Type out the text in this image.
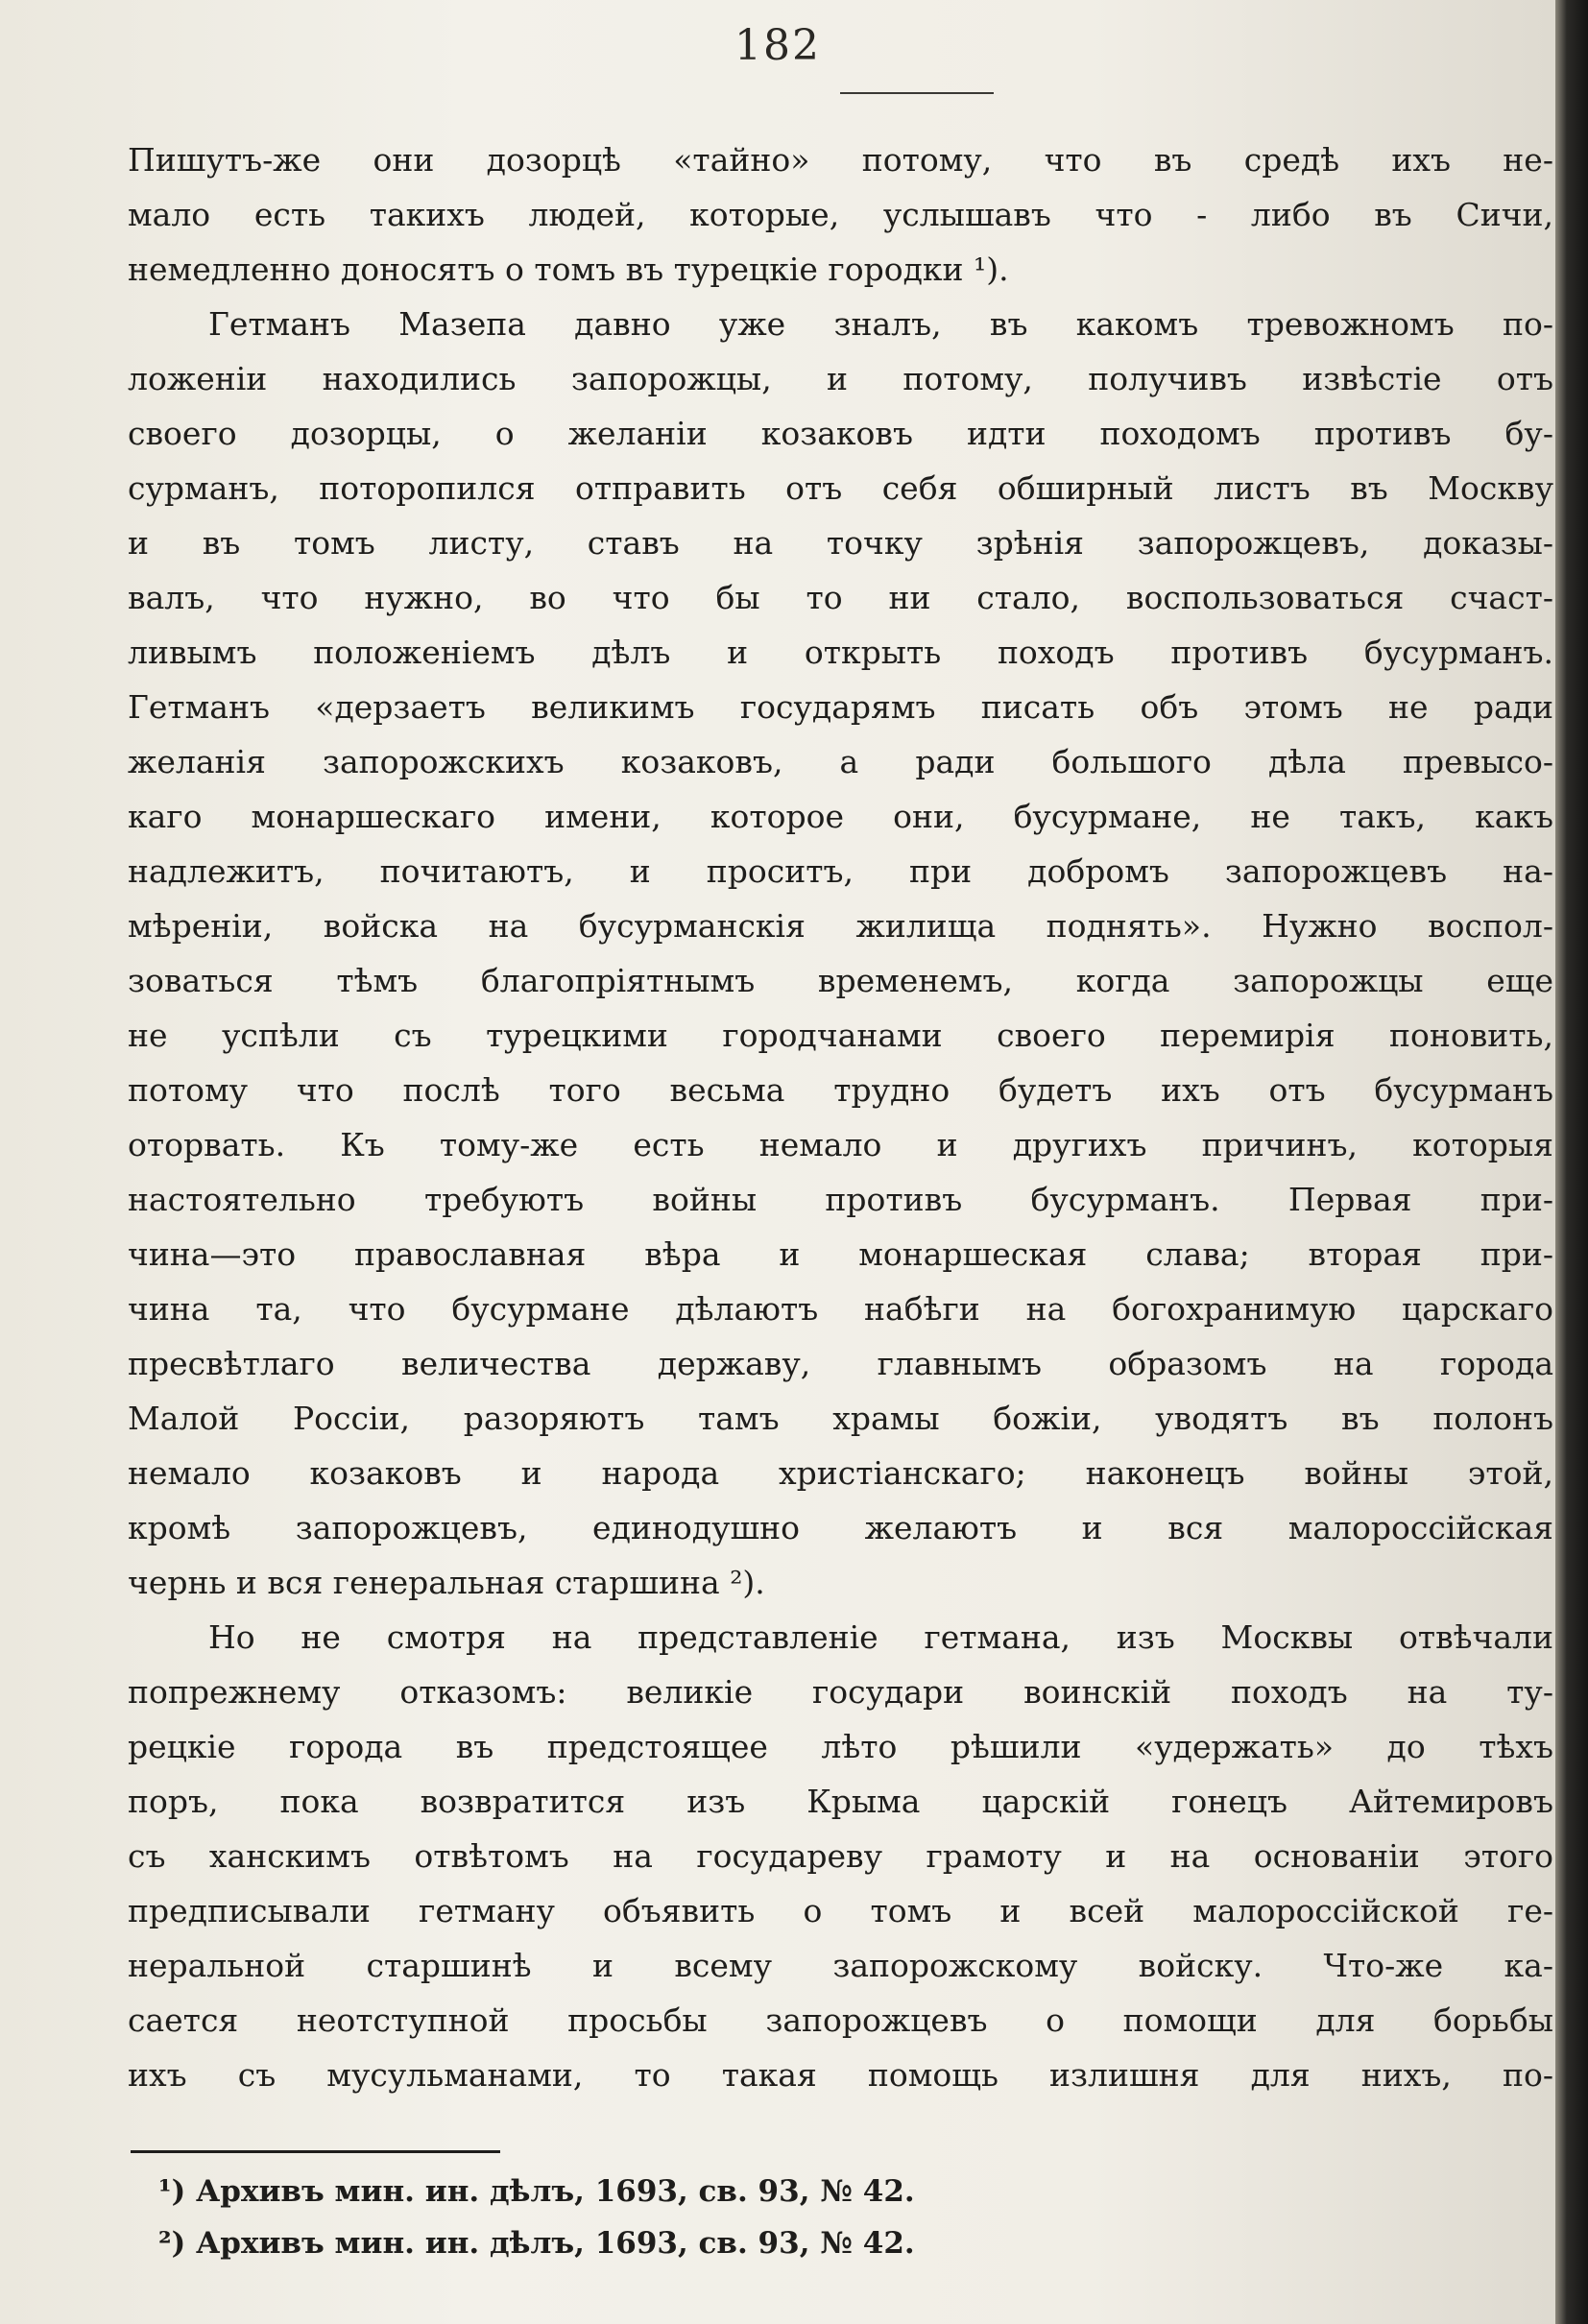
182
Пишутъ-же они дозорцѣ «тайно» потому, что въ средѣ ихъ не-
мало есть такихъ людей, которые, услышавъ что - либо въ Сичи,
немедленно доносятъ о томъ въ турецкіе городки ¹).
Гетманъ Мазепа давно уже зналъ, въ какомъ тревожномъ по-
ложеніи находились запорожцы, и потому, получивъ извѣстіе отъ
своего дозорцы, о желаніи козаковъ идти походомъ противъ бу-
сурманъ, поторопился отправить отъ себя обширный листъ въ Москву
и въ томъ листу, ставъ на точку зрѣнія запорожцевъ, доказы-
валъ, что нужно, во что бы то ни стало, воспользоваться счаст-
ливымъ положеніемъ дѣлъ и открыть походъ противъ бусурманъ.
Гетманъ «дерзаетъ великимъ государямъ писать объ этомъ не ради
желанія запорожскихъ козаковъ, а ради большого дѣла превысо-
каго монаршескаго имени, которое они, бусурмане, не такъ, какъ
надлежитъ, почитаютъ, и проситъ, при добромъ запорожцевъ на-
мѣреніи, войска на бусурманскія жилища поднять». Нужно воспол-
зоваться тѣмъ благопріятнымъ временемъ, когда запорожцы еще
не успѣли съ турецкими городчанами своего перемирія поновить,
потому что послѣ того весьма трудно будетъ ихъ отъ бусурманъ
оторвать. Къ тому-же есть немало и другихъ причинъ, которыя
настоятельно требуютъ войны противъ бусурманъ. Первая при-
чина—это православная вѣра и монаршеская слава; вторая при-
чина та, что бусурмане дѣлаютъ набѣги на богохранимую царскаго
пресвѣтлаго величества державу, главнымъ образомъ на города
Малой Россіи, разоряютъ тамъ храмы божіи, уводятъ въ полонъ
немало козаковъ и народа христіанскаго; наконецъ войны этой,
кромѣ запорожцевъ, единодушно желаютъ и вся малороссійская
чернь и вся генеральная старшина ²).
Но не смотря на представленіе гетмана, изъ Москвы отвѣчали
попрежнему отказомъ: великіе государи воинскій походъ на ту-
рецкіе города въ предстоящее лѣто рѣшили «удержать» до тѣхъ
поръ, пока возвратится изъ Крыма царскій гонецъ Айтемировъ
съ ханскимъ отвѣтомъ на государеву грамоту и на основаніи этого
предписывали гетману объявить о томъ и всей малороссійской ге-
неральной старшинѣ и всему запорожскому войску. Что-же ка-
сается неотступной просьбы запорожцевъ о помощи для борьбы
ихъ съ мусульманами, то такая помощь излишня для нихъ, по-
¹) Архивъ мин. ин. дѣлъ, 1693, св. 93, № 42.
²) Архивъ мин. ин. дѣлъ, 1693, св. 93, № 42.
